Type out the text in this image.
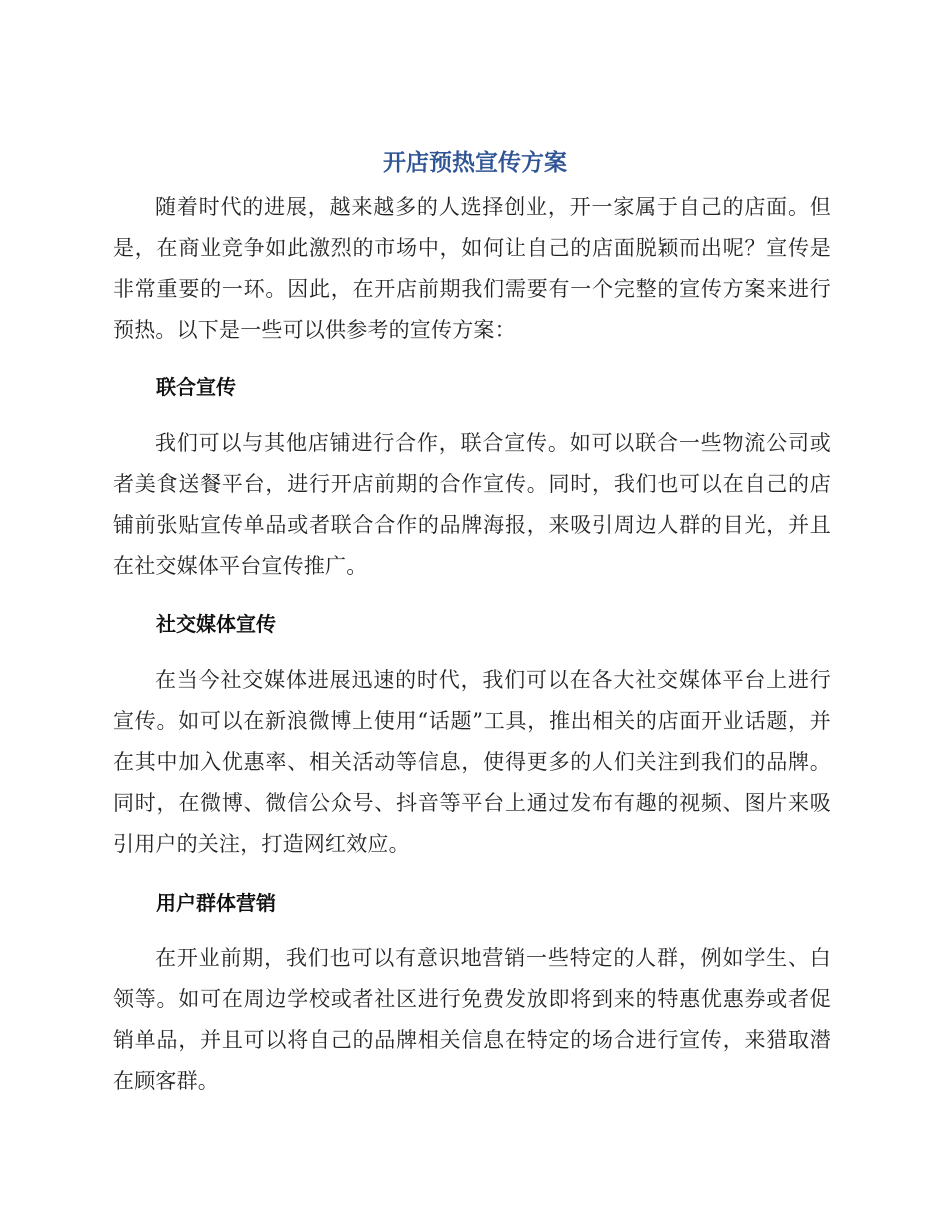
开店预热宣传方案

随着时代的进展，越来越多的人选择创业，开一家属于自己的店面。但是，在商业竞争如此激烈的市场中，如何让自己的店面脱颖而出呢？宣传是非常重要的一环。因此，在开店前期我们需要有一个完整的宣传方案来进行预热。以下是一些可以供参考的宣传方案：

联合宣传

我们可以与其他店铺进行合作，联合宣传。如可以联合一些物流公司或者美食送餐平台，进行开店前期的合作宣传。同时，我们也可以在自己的店铺前张贴宣传单品或者联合合作的品牌海报，来吸引周边人群的目光，并且在社交媒体平台宣传推广。

社交媒体宣传

在当今社交媒体进展迅速的时代，我们可以在各大社交媒体平台上进行宣传。如可以在新浪微博上使用“话题”工具，推出相关的店面开业话题，并在其中加入优惠率、相关活动等信息，使得更多的人们关注到我们的品牌。同时，在微博、微信公众号、抖音等平台上通过发布有趣的视频、图片来吸引用户的关注，打造网红效应。

用户群体营销

在开业前期，我们也可以有意识地营销一些特定的人群，例如学生、白领等。如可在周边学校或者社区进行免费发放即将到来的特惠优惠券或者促销单品，并且可以将自己的品牌相关信息在特定的场合进行宣传，来猎取潜在顾客群。
